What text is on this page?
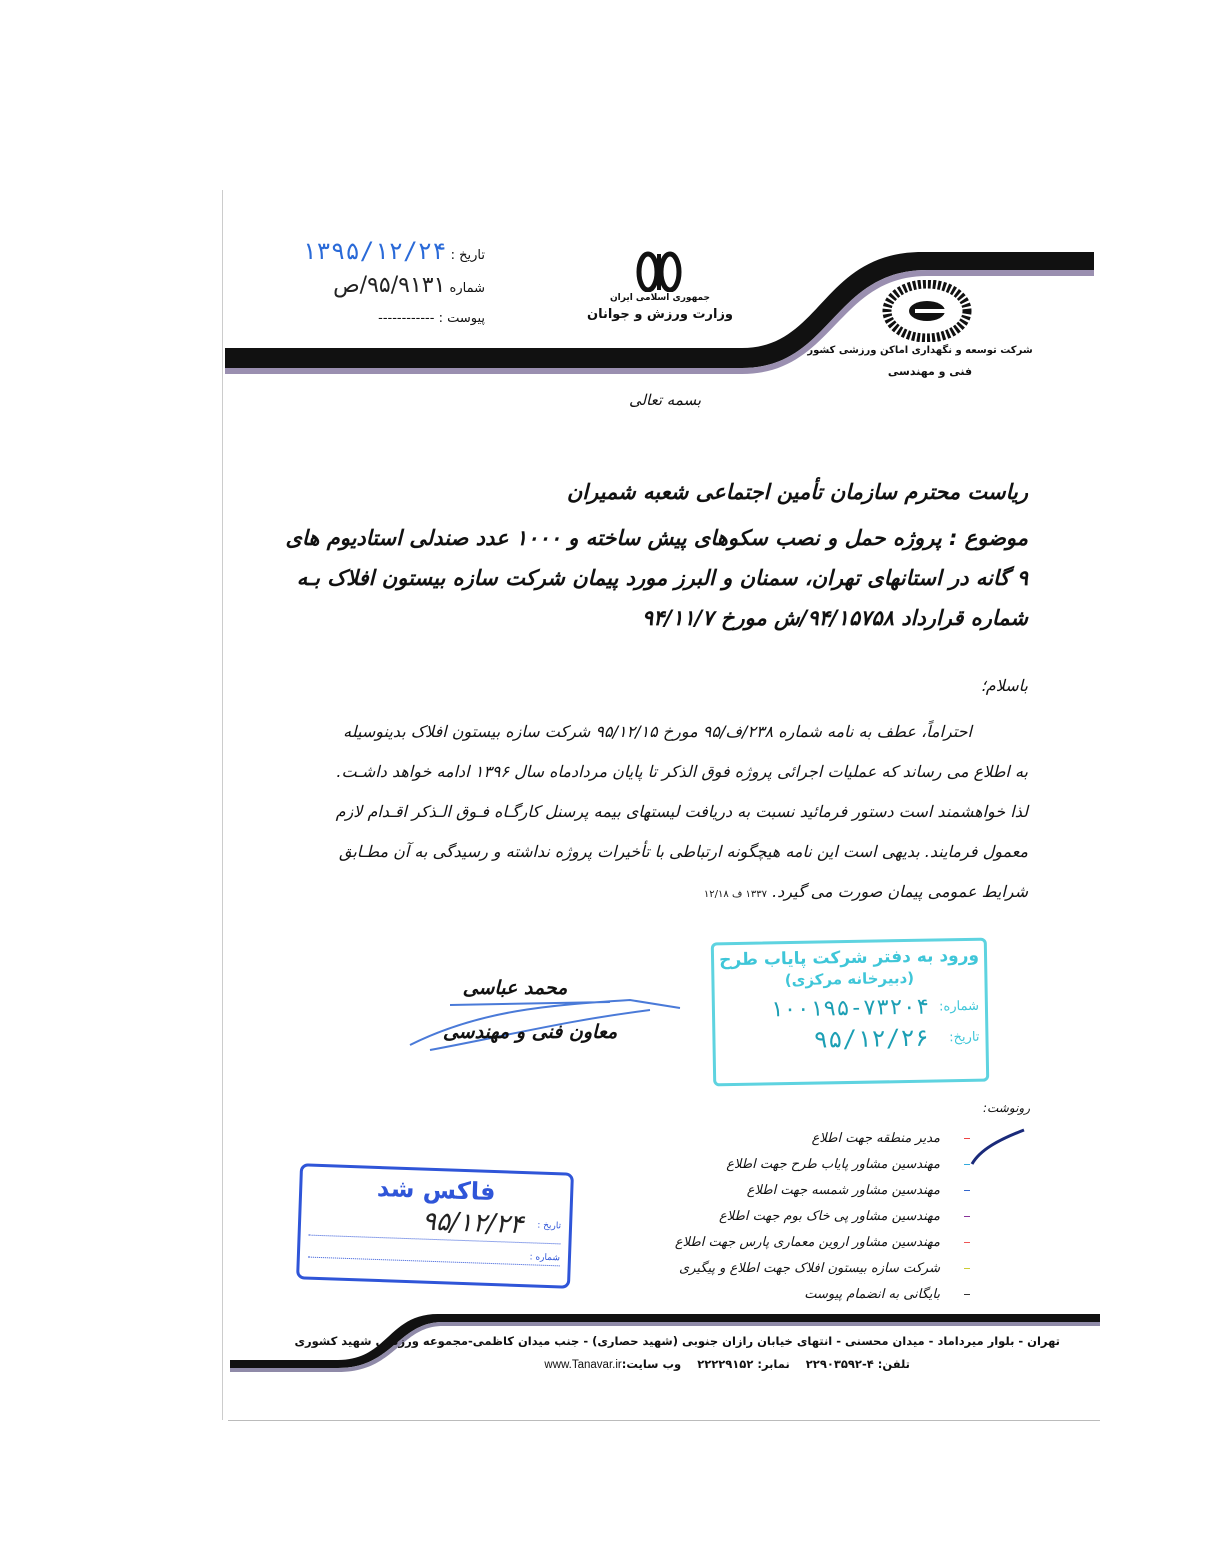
تاریخ : ۱۳۹۵/۱۲/۲۴
شماره ۹۵/۹۱۳۱/ص
پیوست : ------------
جمهوری اسلامی ایران
وزارت ورزش و جوانان
شرکت توسعه و نگهداری اماکن ورزشی کشور
فنی و مهندسی
بسمه تعالی
ریاست محترم سازمان تأمین اجتماعی شعبه شمیران
موضوع : پروژه حمل و نصب سکوهای پیش ساخته و ۱۰۰۰ عدد صندلی استادیوم های
۹ گانه در استانهای تهران، سمنان و البرز مورد پیمان شرکت سازه بیستون افلاک بـه
شماره قرارداد ۹۴/۱۵۷۵۸/ش مورخ ۹۴/۱۱/۷
باسلام؛
احتراماً، عطف به نامه شماره ۲۳۸/ف/۹۵ مورخ ۹۵/۱۲/۱۵ شرکت سازه بیستون افلاک بدینوسیله
به اطلاع می رساند که عملیات اجرائی پروژه فوق الذکر تا پایان مردادماه سال ۱۳۹۶ ادامه خواهد داشـت.
لذا خواهشمند است دستور فرمائید نسبت به دریافت لیستهای بیمه پرسنل کارگـاه فـوق الـذکر اقـدام لازم
معمول فرمایند. بدیهی است این نامه هیچگونه ارتباطی با تأخیرات پروژه نداشته و رسیدگی به آن مطـابق
شرایط عمومی پیمان صورت می گیرد. ۱۳۳۷ ف ۱۲/۱۸
محمد عباسی
معاون فنی و مهندسی
ورود به دفتر شرکت پایاب طرح
(دبیرخانه مرکزی)
شماره:
۱۰۰۱۹۵-۷۳۲۰۴
تاریخ:
۹۵/۱۲/۲۶
رونوشت:
مدیر منطقه جهت اطلاع
مهندسین مشاور پایاب طرح جهت اطلاع
مهندسین مشاور شمسه جهت اطلاع
مهندسین مشاور پی خاک بوم جهت اطلاع
مهندسین مشاور اروین معماری پارس جهت اطلاع
شرکت سازه بیستون افلاک جهت اطلاع و پیگیری
بایگانی به انضمام پیوست
فاکس شد
تاریخ :
۹۵/۱۲/۲۴
شماره :
تهران - بلوار میرداماد - میدان محسنی - انتهای خیابان رازان جنوبی (شهید حصاری) - جنب میدان کاظمی-مجموعه ورزشی شهید کشوری
تلفن: ۴-۲۲۹۰۳۵۹۲    نمابر: ۲۲۲۲۹۱۵۲    وب سایت:www.Tanavar.ir
